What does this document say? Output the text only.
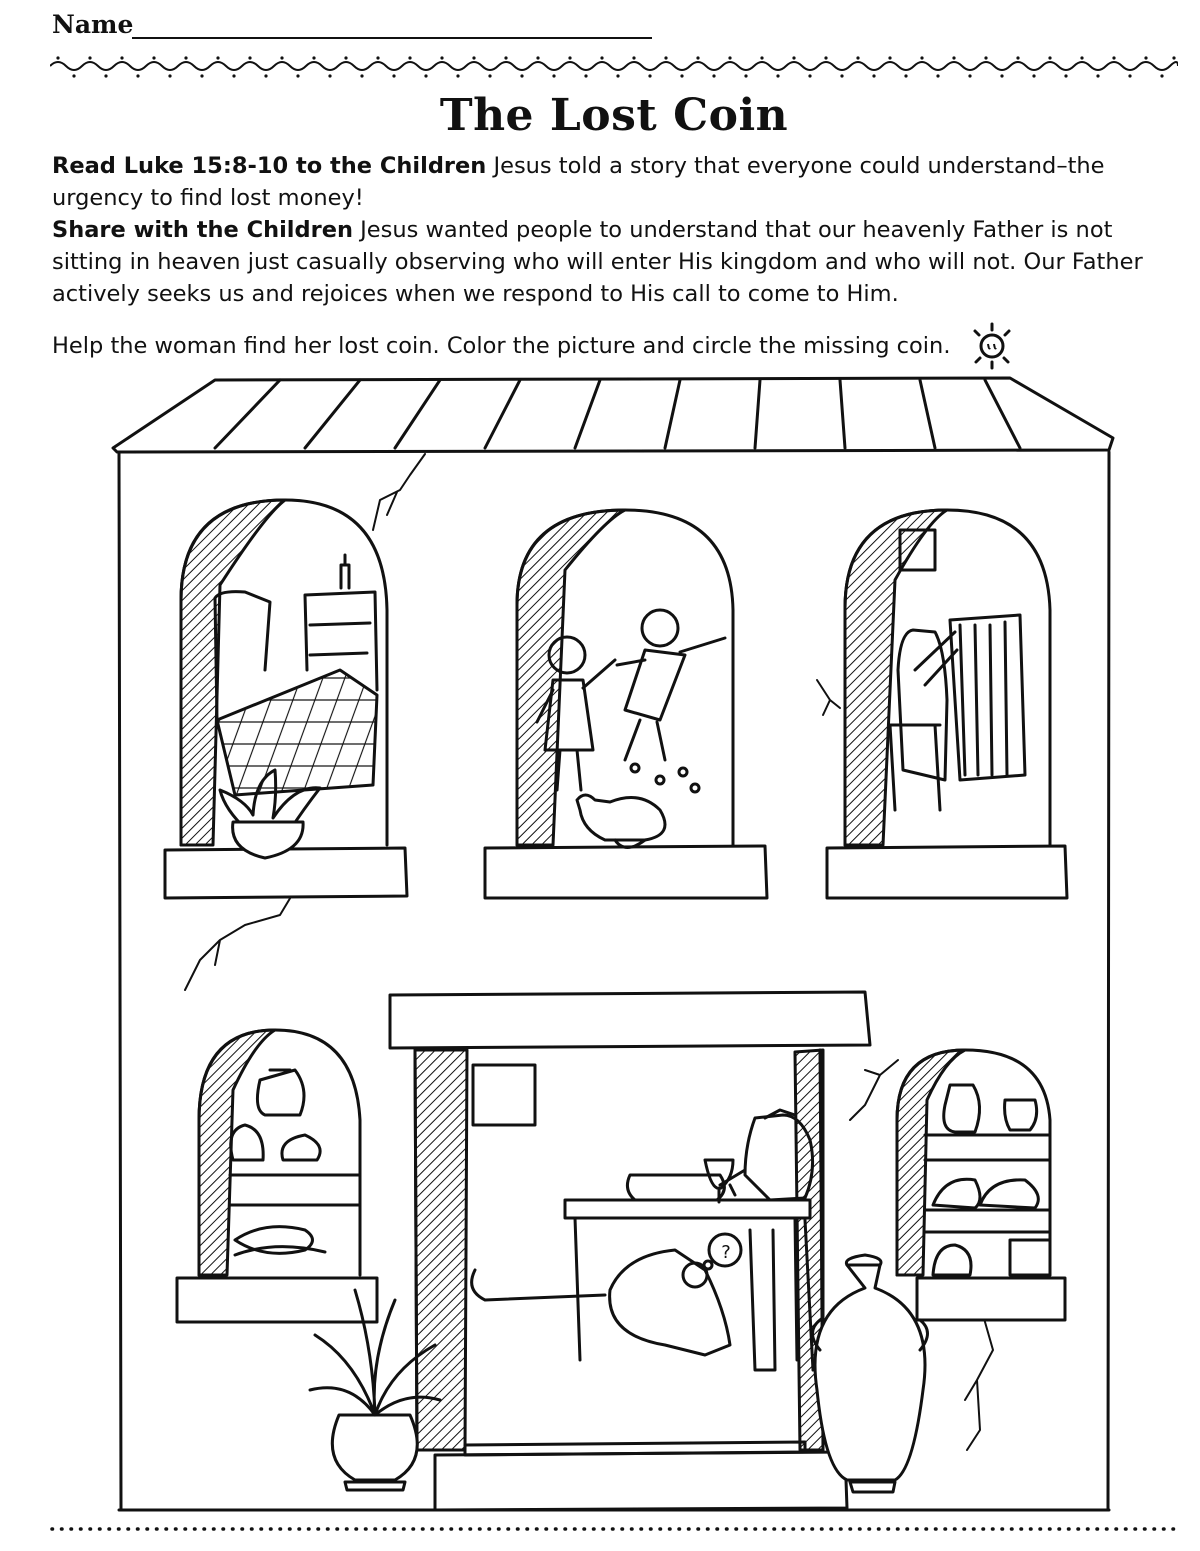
Name
The Lost Coin
Read Luke 15:8-10 to the Children Jesus told a story that everyone could understand–the urgency to find lost money!
Share with the Children Jesus wanted people to understand that our heavenly Father is not sitting in heaven just casually observing who will enter His kingdom and who will not. Our Father actively seeks us and rejoices when we respond to His call to come to Him.
Help the woman find her lost coin. Color the picture and circle the missing coin.
?
